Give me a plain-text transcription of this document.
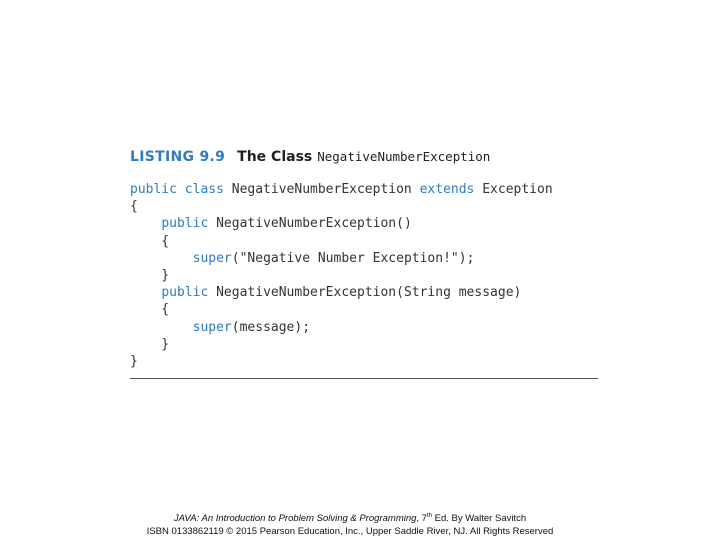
LISTING 9.9 The Class NegativeNumberException
public class NegativeNumberException extends Exception
{
public NegativeNumberException()
{
super("Negative Number Exception!");
}
public NegativeNumberException(String message)
{
super(message);
}
}
JAVA: An Introduction to Problem Solving & Programming, 7th Ed. By Walter Savitch
ISBN 0133862119 © 2015 Pearson Education, Inc., Upper Saddle River, NJ. All Rights Reserved
